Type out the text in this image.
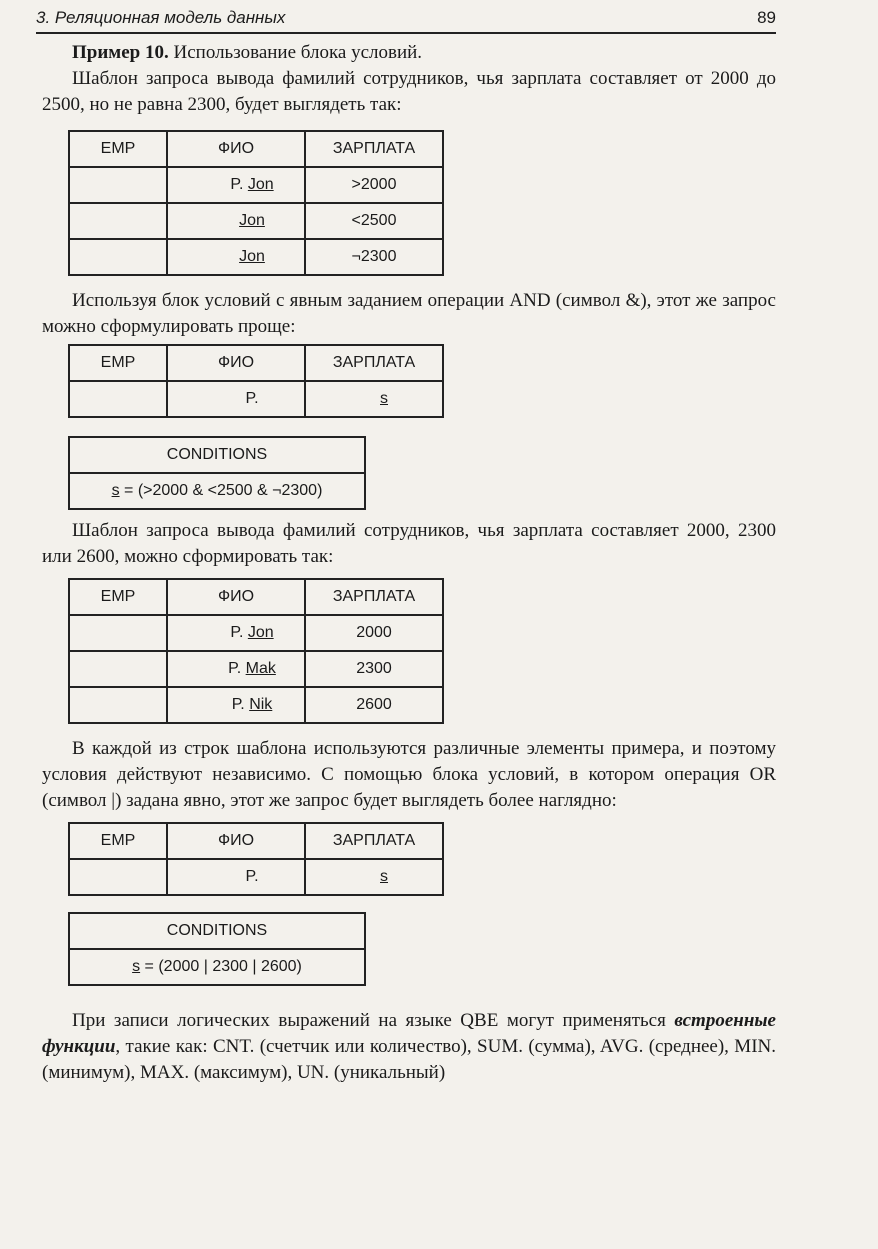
3. Реляционная модель данных	89

Пример 10. Использование блока условий.

Шаблон запроса вывода фамилий сотрудников, чья зарплата составляет от 2000 до 2500, но не равна 2300, будет выглядеть так:

EMP	ФИО	ЗАРПЛАТА
	P. Jon	>2000
	Jon	<2500
	Jon	¬2300

Используя блок условий с явным заданием операции AND (символ &), этот же запрос можно сформулировать проще:

EMP	ФИО	ЗАРПЛАТА
	P.	s
CONDITIONS
s = (>2000 & <2500 & ¬2300)

Шаблон запроса вывода фамилий сотрудников, чья зарплата составляет 2000, 2300 или 2600, можно сформировать так:

EMP	ФИО	ЗАРПЛАТА
	P. Jon	2000
	P. Mak	2300
	P. Nik	2600

В каждой из строк шаблона используются различные элементы примера, и поэтому условия действуют независимо. С помощью блока условий, в котором операция OR (символ |) задана явно, этот же запрос будет выглядеть более наглядно:

EMP	ФИО	ЗАРПЛАТА
	P.	s
CONDITIONS
s = (2000 | 2300 | 2600)

При записи логических выражений на языке QBE могут применяться встроенные функции, такие как: CNT. (счетчик или количество), SUM. (сумма), AVG. (среднее), MIN. (минимум), MAX. (максимум), UN. (уникальный)
